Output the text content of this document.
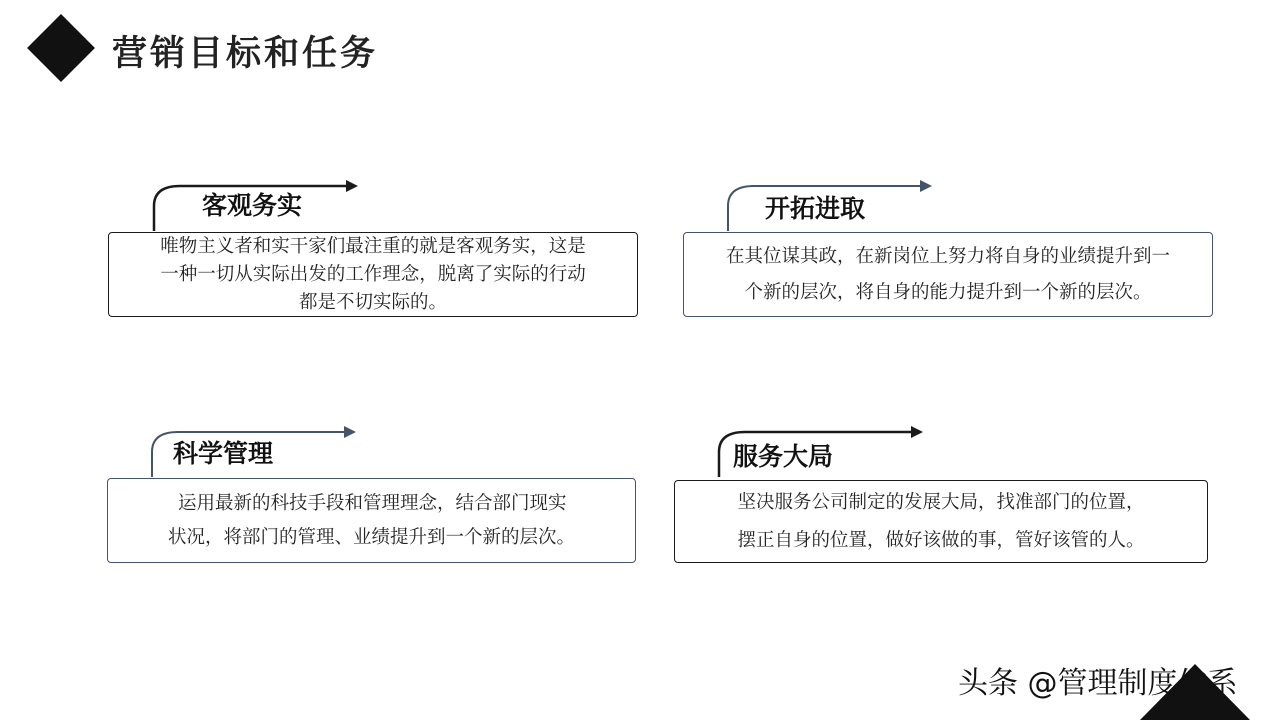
营销目标和任务
客观务实
唯物主义者和实干家们最注重的就是客观务实，这是
一种一切从实际出发的工作理念，脱离了实际的行动
都是不切实际的。
开拓进取
在其位谋其政，在新岗位上努力将自身的业绩提升到一
个新的层次，将自身的能力提升到一个新的层次。
科学管理
运用最新的科技手段和管理理念，结合部门现实
状况，将部门的管理、业绩提升到一个新的层次。
服务大局
坚决服务公司制定的发展大局，找准部门的位置，
摆正自身的位置，做好该做的事，管好该管的人。
头条 @管理制度体系
